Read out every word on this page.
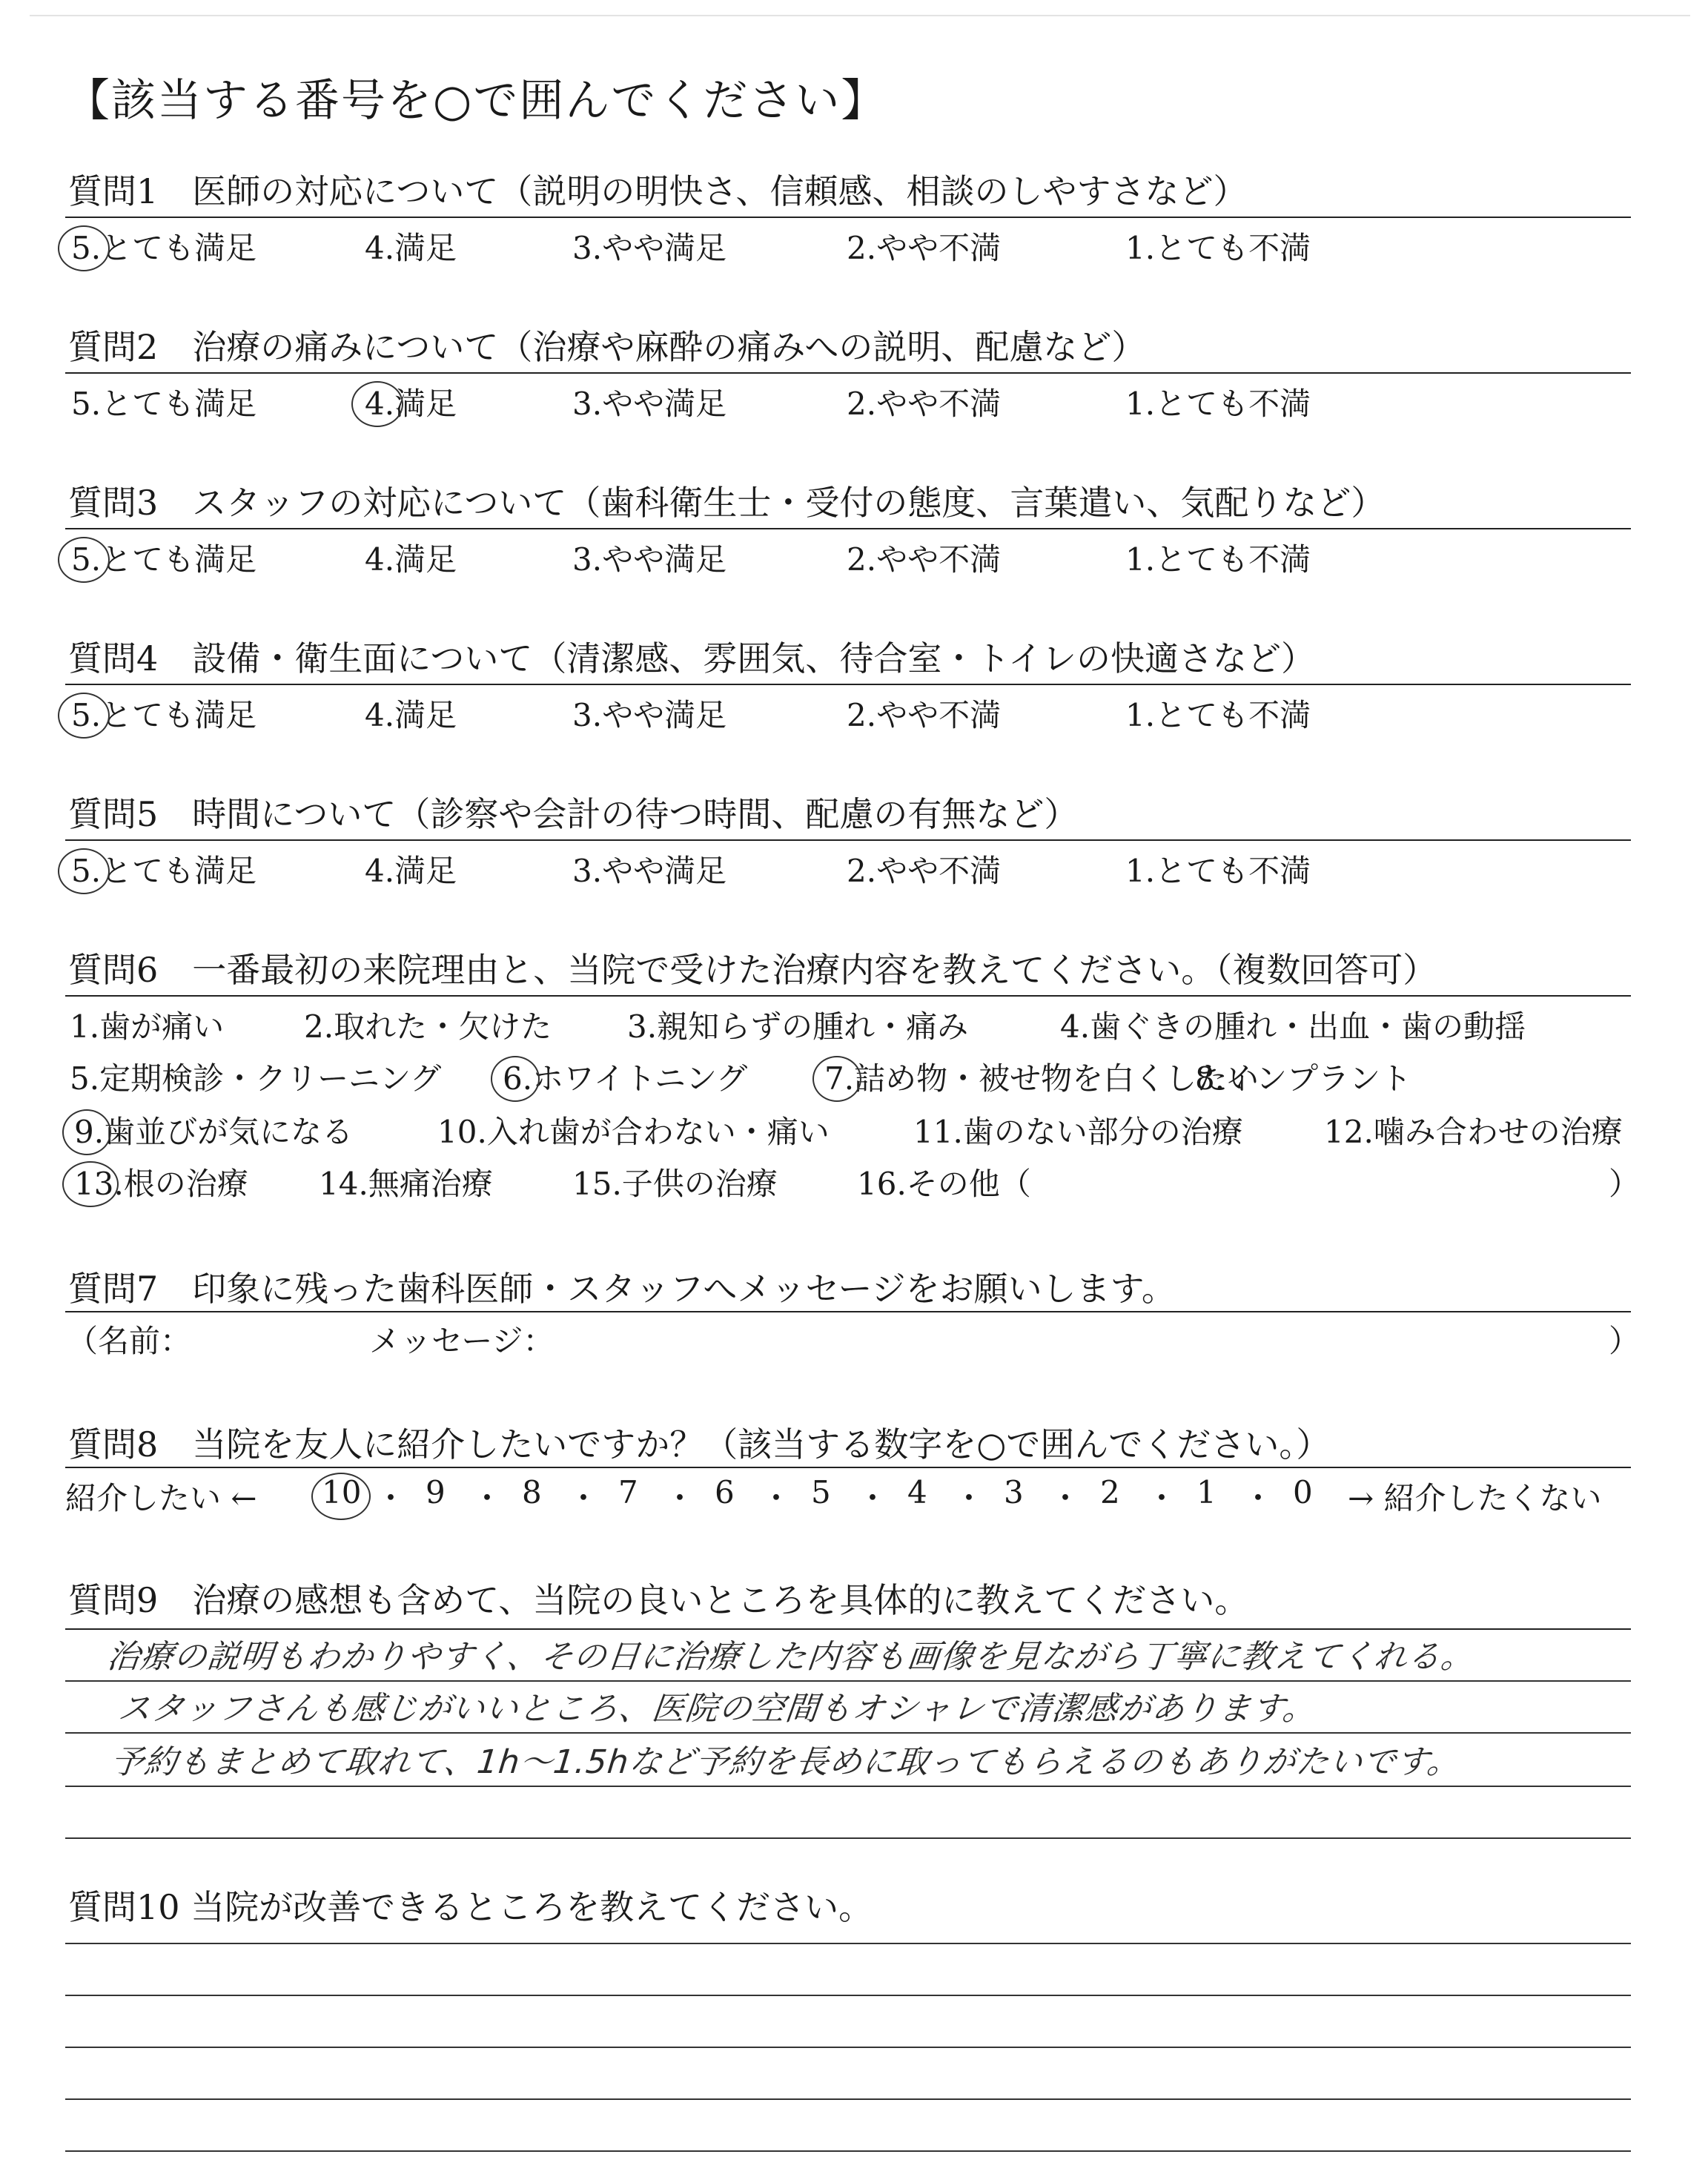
【該当する番号を○で囲んでください】
質問1　医師の対応について（説明の明快さ、信頼感、相談のしやすさなど）
5.とても満足	4.満足	3.やや満足	2.やや不満	1.とても不満
質問2　治療の痛みについて（治療や麻酔の痛みへの説明、配慮など）
5.とても満足	4.満足	3.やや満足	2.やや不満	1.とても不満
質問3　スタッフの対応について（歯科衛生士・受付の態度、言葉遣い、気配りなど）
5.とても満足	4.満足	3.やや満足	2.やや不満	1.とても不満
質問4　設備・衛生面について（清潔感、雰囲気、待合室・トイレの快適さなど）
5.とても満足	4.満足	3.やや満足	2.やや不満	1.とても不満
質問5　時間について（診察や会計の待つ時間、配慮の有無など）
5.とても満足	4.満足	3.やや満足	2.やや不満	1.とても不満
質問6　一番最初の来院理由と、当院で受けた治療内容を教えてください。（複数回答可）
1.歯が痛い	2.取れた・欠けた 3.親知らずの腫れ・痛み	4.歯ぐきの腫れ・出血・歯の動揺
5.定期検診・クリーニング 6.ホワイトニング 7.詰め物・被せ物を白くしたい
8.インプラント
9.歯並びが気になる	10.入れ歯が合わない・痛い	11.歯のない部分の治療	12.噛み合わせの治療
13.根の治療 14.無痛治療	15.子供の治療	16.その他（	）
質問7　印象に残った歯科医師・スタッフへメッセージをお願いします。
（名前：	メッセージ：	）
質問8　当院を友人に紹介したいですか？（該当する数字を○で囲んでください。）
紹介したい ← 10 ・ 9 ・ 8 ・ 7 ・ 6 ・ 5 ・ 4 ・ 3 ・ 2 ・ 1 ・ 0 → 紹介したくない
質問9　治療の感想も含めて、当院の良いところを具体的に教えてください。
治療の説明もわかりやすく、その日に治療した内容も画像を見ながら丁寧に教えてくれる。
スタッフさんも感じがいいところ、医院の空間もオシャレで清潔感があります。
予約もまとめて取れて、1h〜1.5hなど予約を長めに取ってもらえるのもありがたいです。
質問10 当院が改善できるところを教えてください。
